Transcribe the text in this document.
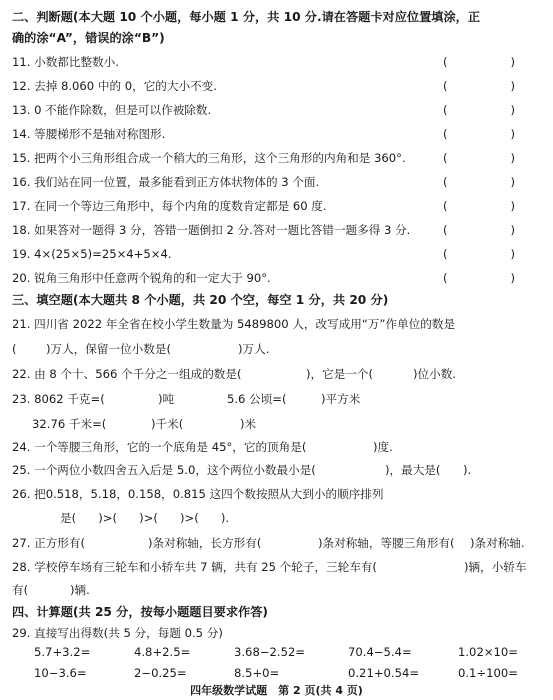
二、判断题(本大题 10 个小题，每小题 1 分，共 10 分.请在答题卡对应位置填涂，正
确的涂“A”，错误的涂“B”)
11. 小数都比整数小.	(	)
12. 去掉 8.060 中的 0，它的大小不变.	(	)
13. 0 不能作除数，但是可以作被除数.	(	)
14. 等腰梯形不是轴对称图形.	(	)
15. 把两个小三角形组合成一个稍大的三角形，这个三角形的内角和是 360°.	(	)
16. 我们站在同一位置，最多能看到正方体状物体的 3 个面.	(	)
17. 在同一个等边三角形中，每个内角的度数肯定都是 60 度.	(	)
18. 如果答对一题得 3 分，答错一题倒扣 2 分.答对一题比答错一题多得 3 分.	(	)
19. 4×(25×5)=25×4+5×4.	(	)
20. 锐角三角形中任意两个锐角的和一定大于 90°.	(	)
三、填空题(本大题共 8 个小题，共 20 个空，每空 1 分，共 20 分)
21. 四川省 2022 年全省在校小学生数量为 5489800 人，改写成用“万”作单位的数是
(	)万人，保留一位小数是(	)万人.
22. 由 8 个十、566 个千分之一组成的数是(	)，它是一个(	)位小数.
23. 8062 千克=(	)吨	5.6 公顷=(	)平方米
32.76 千米=(	)千米(	)米
24. 一个等腰三角形，它的一个底角是 45°，它的顶角是(	)度.
25. 一个两位小数四舍五入后是 5.0，这个两位小数最小是(	)，最大是( ).
26. 把0.518，5.18，0.158，0.815 这四个数按照从大到小的顺序排列
是(      )>(      )>(      )>(      ).
27. 正方形有(	)条对称轴，长方形有(	)条对称轴，等腰三角形有( )条对称轴.
28. 学校停车场有三轮车和小轿车共 7 辆，共有 25 个轮子，三轮车有(	)辆，小轿车
有(	)辆.
四、计算题(共 25 分，按每小题题目要求作答)
29. 直接写出得数(共 5 分，每题 0.5 分)
5.7+3.2=	4.8+2.5=	3.68−2.52=	70.4−5.4=	1.02×10=
10−3.6=	2−0.25=	8.5+0=	0.21+0.54=	0.1÷100=
四年级数学试题　第 2 页(共 4 页)
